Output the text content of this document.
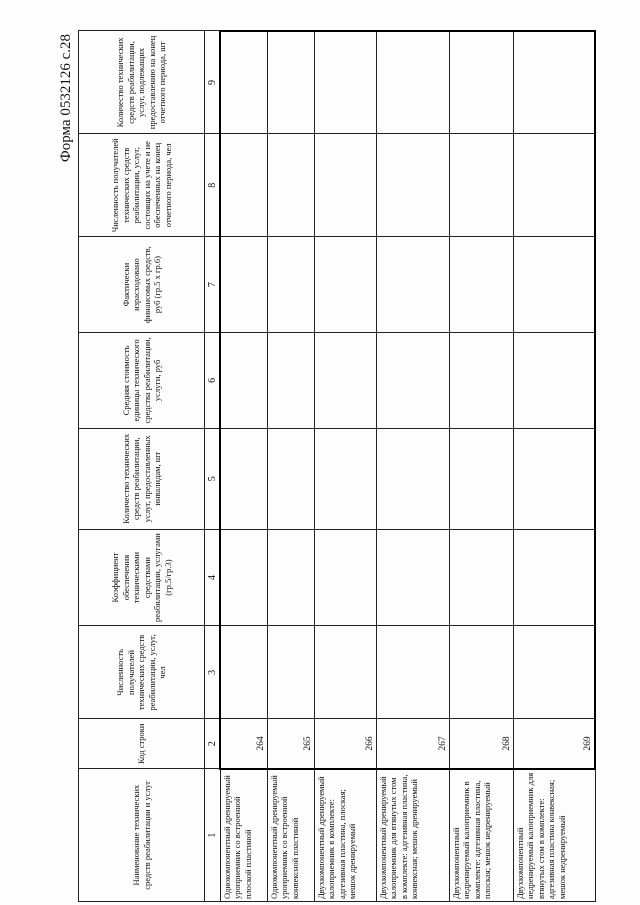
Форма 0532126 с.28
Наименование технических средств реабилитации и услуг	Код строки	Численность получателей технических средств реабилитации, услуг, чел	Коэффициент обеспечения техническими средствами реабилитации, услугами (гр.5/гр.3)	Количество технических средств реабилитации, услуг, предоставленных инвалидам, шт	Средняя стоимость единицы технического средства реабилитации, услуги, руб	Фактически израсходовано финансовых средств, руб (гр.5 x гр.6)	Численность получателей технических средств реабилитации, услуг, состоящих на учете и не обеспеченных на конец отчетного периода, чел	Количество технических средств реабилитации, услуг, подлежащих предоставлению на конец отчетного периода, шт
1	2	3	4	5	6	7	8	9
Однокомпонентный дренируемый уроприемник со встроенной плоской пластиной	264							
Однокомпонентный дренируемый уроприемник со встроенной конвексной пластиной	265							
Двухкомпонентный дренируемый калоприемник в комплекте: адгезивная пластина, плоская; мешок дренируемый	266							
Двухкомпонентный дренируемый калоприемник для втянутых стом в комплекте: адгезивная пластина, конвексная; мешок дренируемый	267							
Двухкомпонентный недренируемый калоприемник в комплекте: адгезивная пластина, плоская; мешок недренируемый	268							
Двухкомпонентный недренируемый калоприемник для втянутых стом в комплекте: адгезивная пластина конвексная; мешок недренируемый	269							
